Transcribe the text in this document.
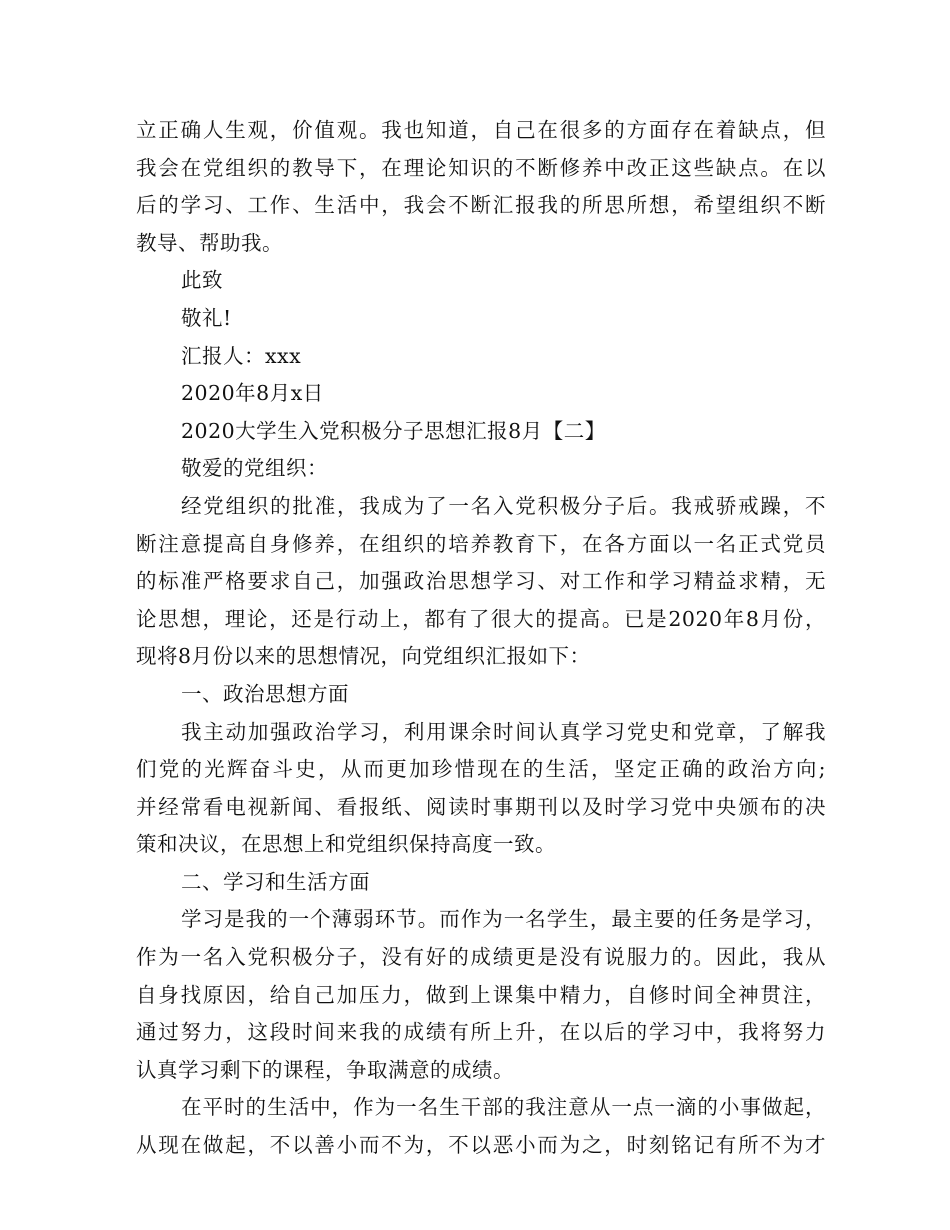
立正确人生观，价值观。我也知道，自己在很多的方面存在着缺点，但
我会在党组织的教导下，在理论知识的不断修养中改正这些缺点。在以
后的学习、工作、生活中，我会不断汇报我的所思所想，希望组织不断
教导、帮助我。
此致
敬礼!
汇报人：xxx
2020年8月x日
2020大学生入党积极分子思想汇报8月【二】
敬爱的党组织：
经党组织的批准，我成为了一名入党积极分子后。我戒骄戒躁，不
断注意提高自身修养，在组织的培养教育下，在各方面以一名正式党员
的标准严格要求自己，加强政治思想学习、对工作和学习精益求精，无
论思想，理论，还是行动上，都有了很大的提高。已是2020年8月份，
现将8月份以来的思想情况，向党组织汇报如下：
一、政治思想方面
我主动加强政治学习，利用课余时间认真学习党史和党章，了解我
们党的光辉奋斗史，从而更加珍惜现在的生活，坚定正确的政治方向;
并经常看电视新闻、看报纸、阅读时事期刊以及时学习党中央颁布的决
策和决议，在思想上和党组织保持高度一致。
二、学习和生活方面
学习是我的一个薄弱环节。而作为一名学生，最主要的任务是学习，
作为一名入党积极分子，没有好的成绩更是没有说服力的。因此，我从
自身找原因，给自己加压力，做到上课集中精力，自修时间全神贯注，
通过努力，这段时间来我的成绩有所上升，在以后的学习中，我将努力
认真学习剩下的课程，争取满意的成绩。
在平时的生活中，作为一名生干部的我注意从一点一滴的小事做起，
从现在做起，不以善小而不为，不以恶小而为之，时刻铭记有所不为才
